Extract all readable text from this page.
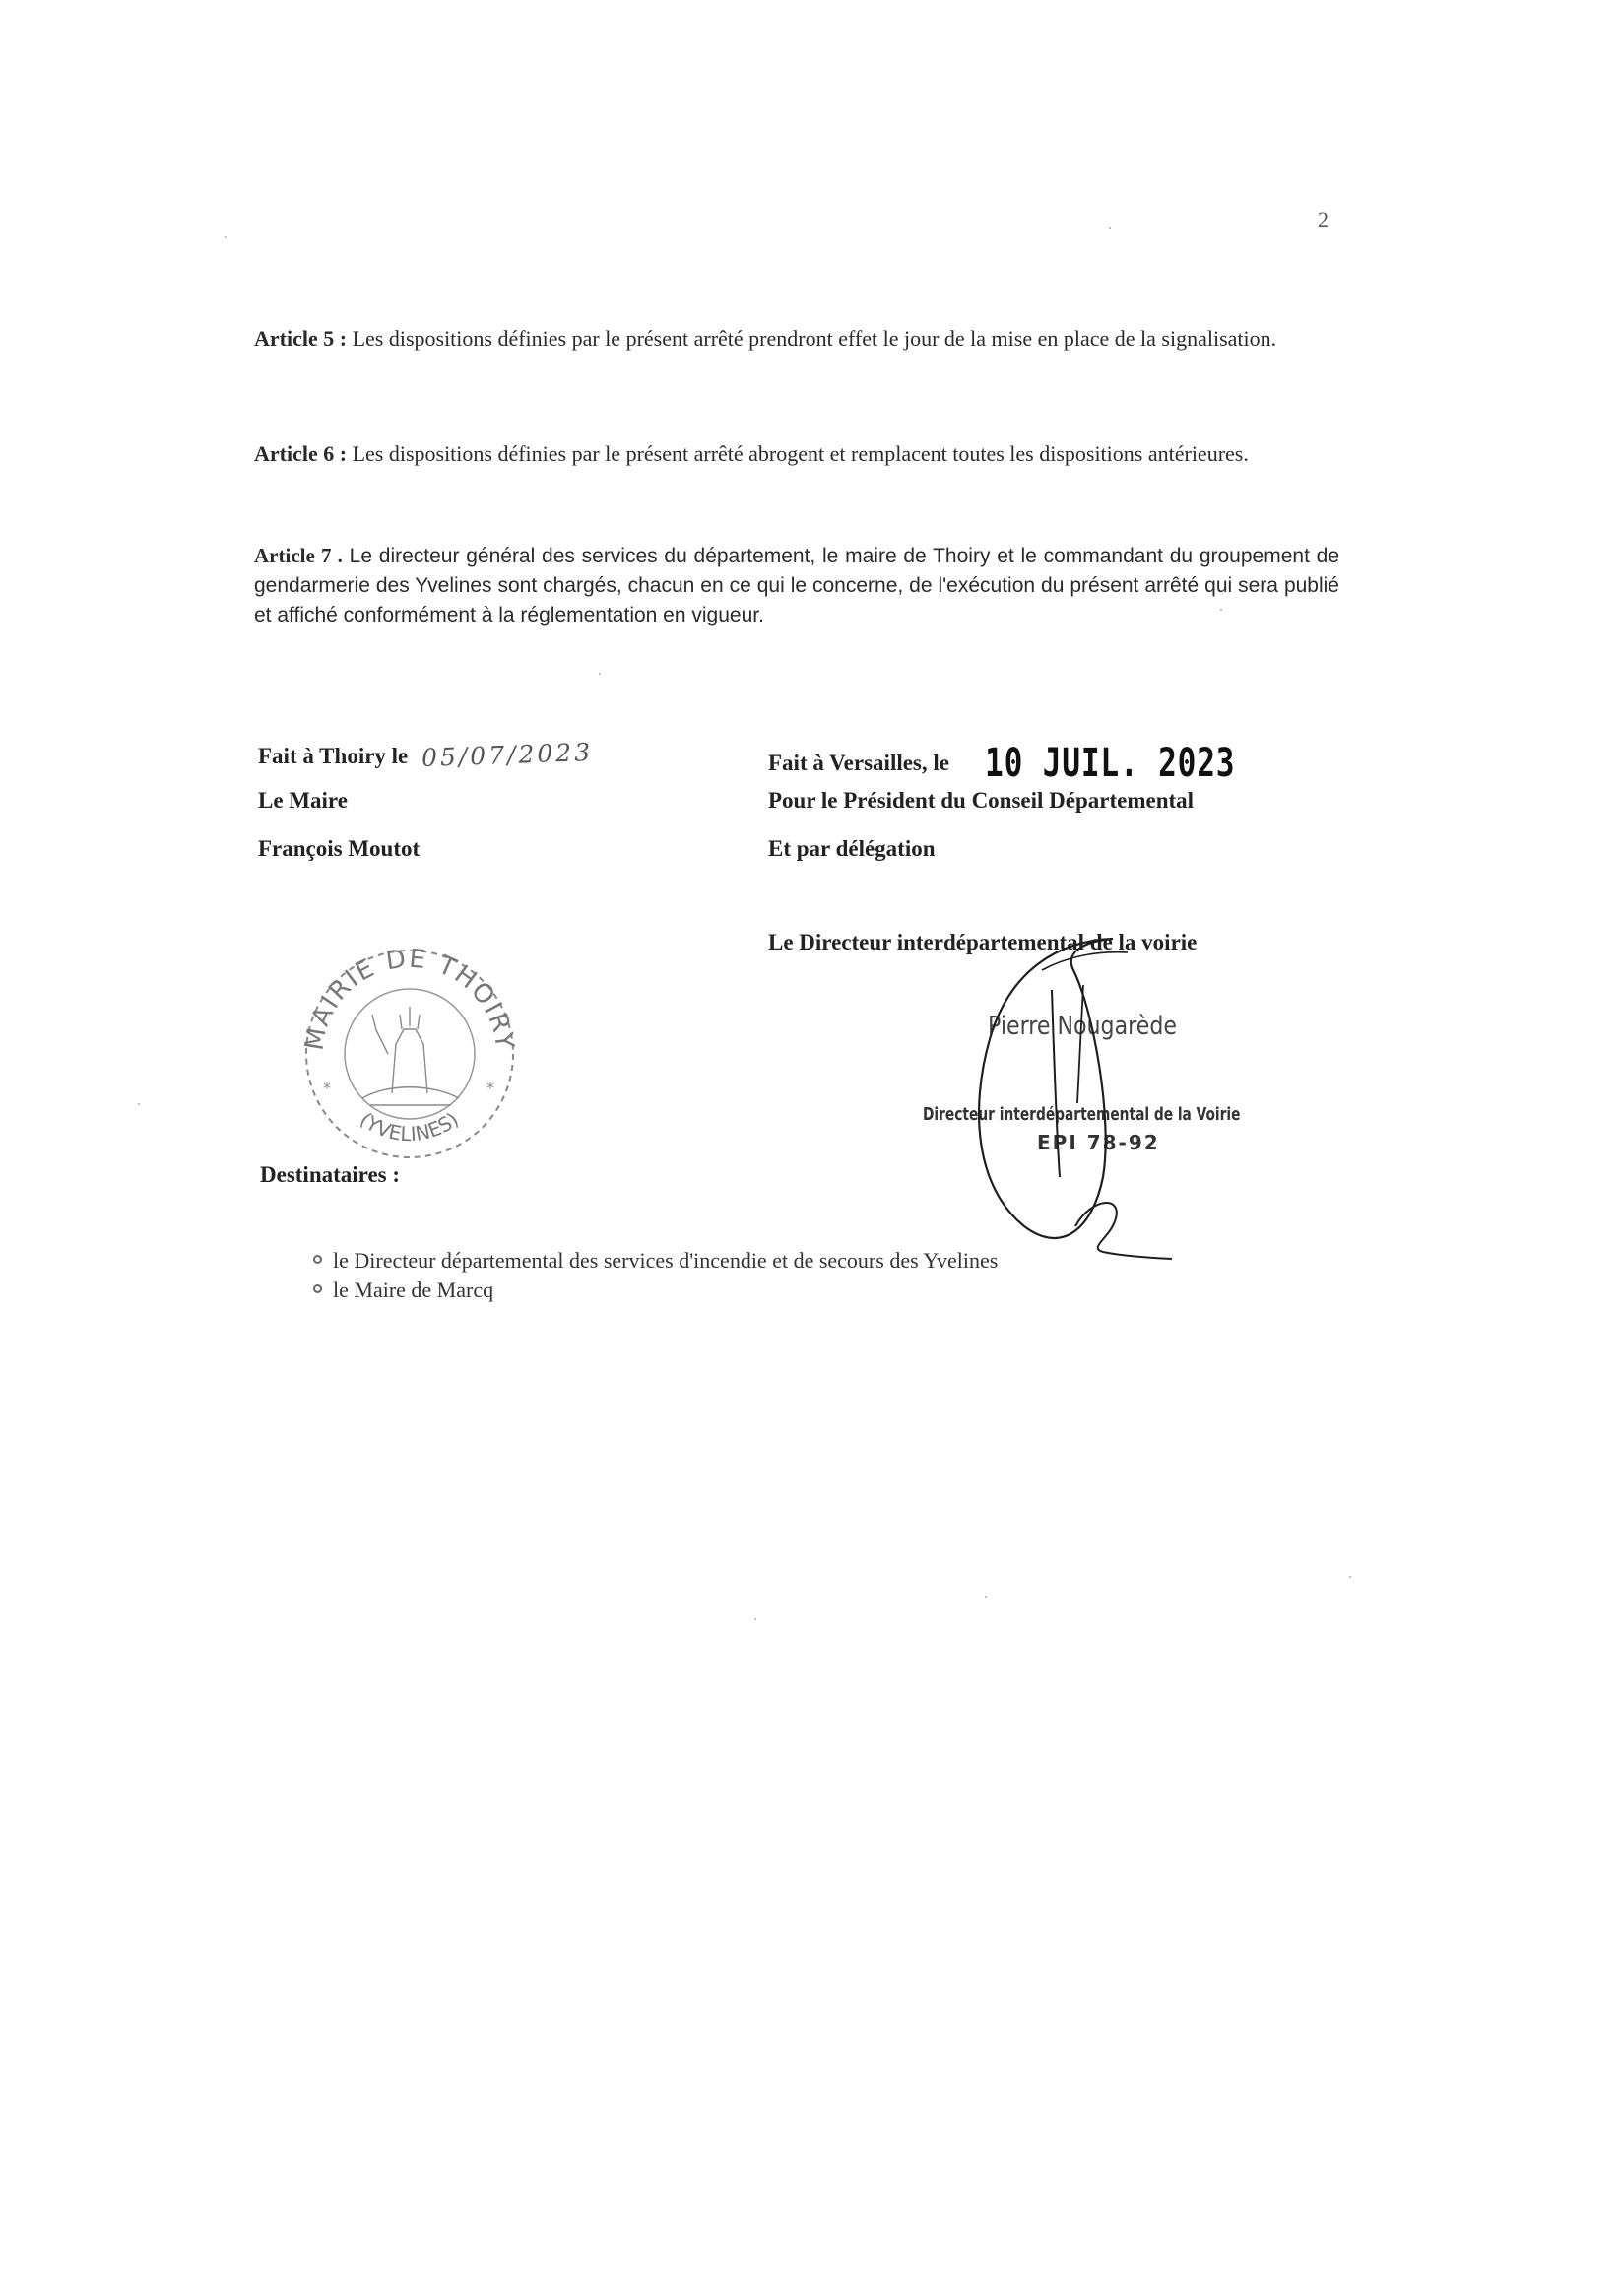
2
Article 5 : Les dispositions définies par le présent arrêté prendront effet le jour de la mise en place de la signalisation.
Article 6 : Les dispositions définies par le présent arrêté abrogent et remplacent toutes les dispositions antérieures.
Article 7 . Le directeur général des services du département, le maire de Thoiry et le commandant du groupement de gendarmerie des Yvelines sont chargés, chacun en ce qui le concerne, de l'exécution du présent arrêté qui sera publié et affiché conformément à la réglementation en vigueur.
Fait à Thoiry le 05/07/2023
Le Maire
François Moutot
Fait à Versailles, le 10 JUIL. 2023
Pour le Président du Conseil Départemental
Et par délégation
Le Directeur interdépartemental de la voirie
Pierre Nougarède
Directeur interdépartemental de la Voirie
EPI 78-92
MAIRIE DE THOIRY
(YVELINES)
*	*
Destinataires :
le Directeur départemental des services d'incendie et de secours des Yvelines
le Maire de Marcq
